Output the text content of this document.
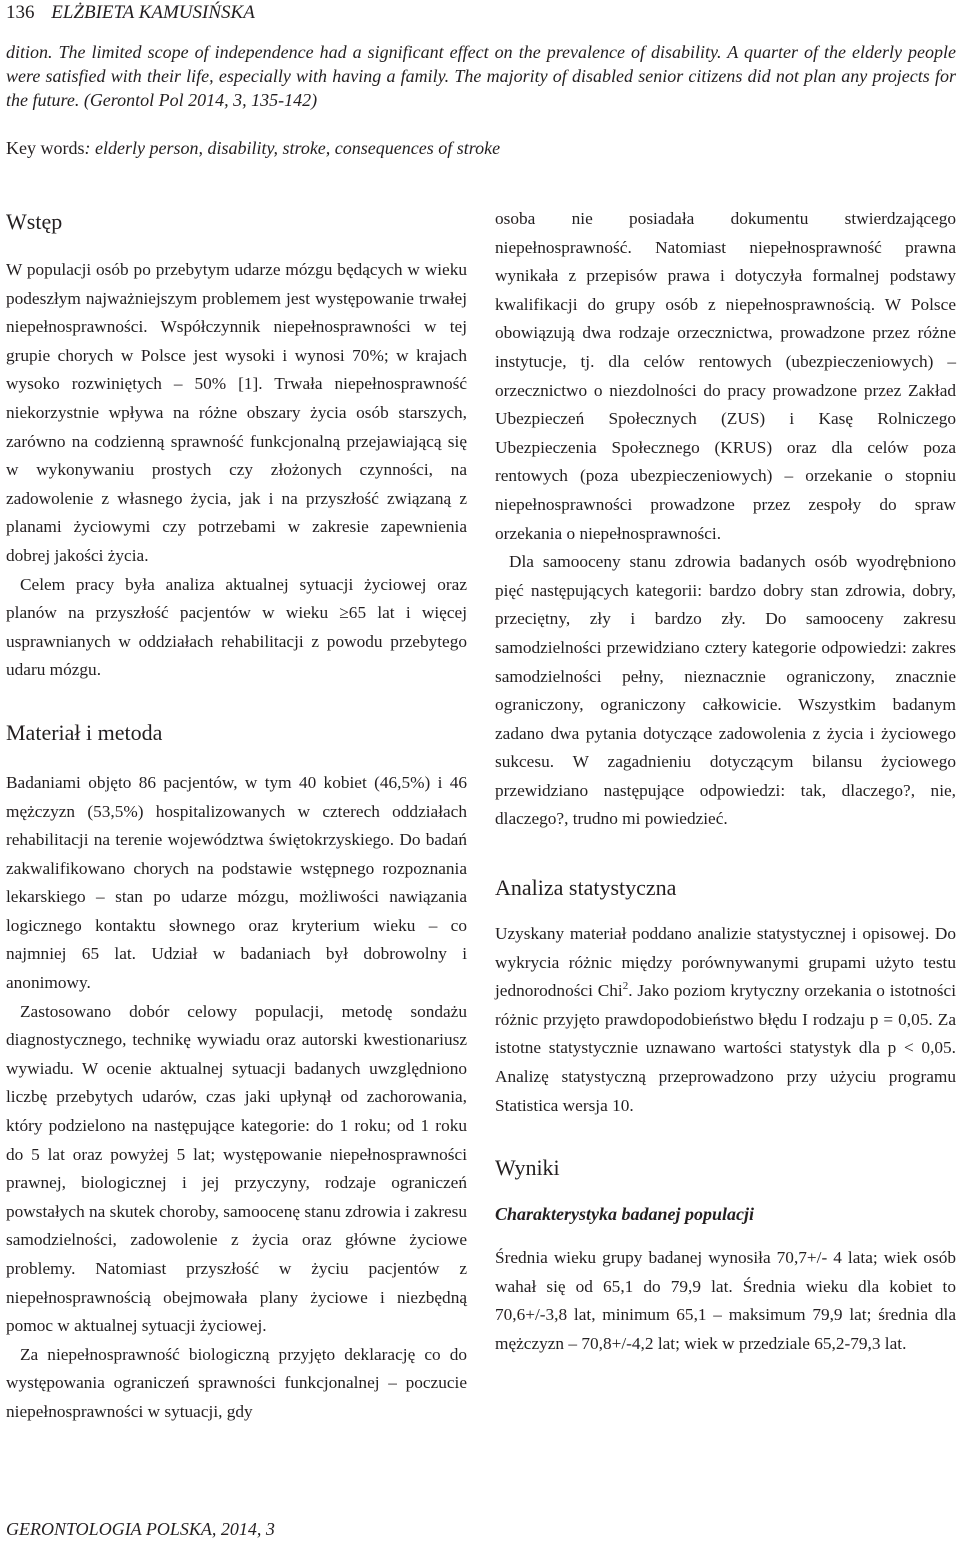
136 ELŻBIETA KAMUSIŃSKA
dition. The limited scope of independence had a significant effect on the prevalence of disability. A quarter of the elderly people were satisfied with their life, especially with having a family. The majority of disabled senior citizens did not plan any projects for the future. (Gerontol Pol 2014, 3, 135-142)
Key words: elderly person, disability, stroke, consequences of stroke
Wstęp

W populacji osób po przebytym udarze mózgu będących w wieku podeszłym najważniejszym problemem jest występowanie trwałej niepełnosprawności. Współczynnik niepełnosprawności w tej grupie chorych w Polsce jest wysoki i wynosi 70%; w krajach wysoko rozwiniętych – 50% [1]. Trwała niepełnosprawność niekorzystnie wpływa na różne obszary życia osób starszych, zarówno na codzienną sprawność funkcjonalną przejawiającą się w wykonywaniu prostych czy złożonych czynności, na zadowolenie z własnego życia, jak i na przyszłość związaną z planami życiowymi czy potrzebami w zakresie zapewnienia dobrej jakości życia.

Celem pracy była analiza aktualnej sytuacji życiowej oraz planów na przyszłość pacjentów w wieku ≥65 lat i więcej usprawnianych w oddziałach rehabilitacji z powodu przebytego udaru mózgu.

Materiał i metoda

Badaniami objęto 86 pacjentów, w tym 40 kobiet (46,5%) i 46 mężczyzn (53,5%) hospitalizowanych w czterech oddziałach rehabilitacji na terenie województwa świętokrzyskiego. Do badań zakwalifikowano chorych na podstawie wstępnego rozpoznania lekarskiego – stan po udarze mózgu, możliwości nawiązania logicznego kontaktu słownego oraz kryterium wieku – co najmniej 65 lat. Udział w badaniach był dobrowolny i anonimowy.

Zastosowano dobór celowy populacji, metodę sondażu diagnostycznego, technikę wywiadu oraz autorski kwestionariusz wywiadu. W ocenie aktualnej sytuacji badanych uwzględniono liczbę przebytych udarów, czas jaki upłynął od zachorowania, który podzielono na następujące kategorie: do 1 roku; od 1 roku do 5 lat oraz powyżej 5 lat; występowanie niepełnosprawności prawnej, biologicznej i jej przyczyny, rodzaje ograniczeń powstałych na skutek choroby, samoocenę stanu zdrowia i zakresu samodzielności, zadowolenie z życia oraz główne życiowe problemy. Natomiast przyszłość w życiu pacjentów z niepełnosprawnością obejmowała plany życiowe i niezbędną pomoc w aktualnej sytuacji życiowej.

Za niepełnosprawność biologiczną przyjęto deklarację co do występowania ograniczeń sprawności funkcjonalnej – poczucie niepełnosprawności w sytuacji, gdy

osoba nie posiadała dokumentu stwierdzającego niepełnosprawność. Natomiast niepełnosprawność prawna wynikała z przepisów prawa i dotyczyła formalnej podstawy kwalifikacji do grupy osób z niepełnosprawnością. W Polsce obowiązują dwa rodzaje orzecznictwa, prowadzone przez różne instytucje, tj. dla celów rentowych (ubezpieczeniowych) – orzecznictwo o niezdolności do pracy prowadzone przez Zakład Ubezpieczeń Społecznych (ZUS) i Kasę Rolniczego Ubezpieczenia Społecznego (KRUS) oraz dla celów poza rentowych (poza ubezpieczeniowych) – orzekanie o stopniu niepełnosprawności prowadzone przez zespoły do spraw orzekania o niepełnosprawności.

Dla samooceny stanu zdrowia badanych osób wyodrębniono pięć następujących kategorii: bardzo dobry stan zdrowia, dobry, przeciętny, zły i bardzo zły. Do samooceny zakresu samodzielności przewidziano cztery kategorie odpowiedzi: zakres samodzielności pełny, nieznacznie ograniczony, znacznie ograniczony, ograniczony całkowicie. Wszystkim badanym zadano dwa pytania dotyczące zadowolenia z życia i życiowego sukcesu. W zagadnieniu dotyczącym bilansu życiowego przewidziano następujące odpowiedzi: tak, dlaczego?, nie, dlaczego?, trudno mi powiedzieć.

Analiza statystyczna

Uzyskany materiał poddano analizie statystycznej i opisowej. Do wykrycia różnic między porównywanymi grupami użyto testu jednorodności Chi$^2$. Jako poziom krytyczny orzekania o istotności różnic przyjęto prawdopodobieństwo błędu I rodzaju p = 0,05. Za istotne statystycznie uznawano wartości statystyk dla p < 0,05. Analizę statystyczną przeprowadzono przy użyciu programu Statistica wersja 10.

Wyniki
Charakterystyka badanej populacji

Średnia wieku grupy badanej wynosiła 70,7+/- 4 lata; wiek osób wahał się od 65,1 do 79,9 lat. Średnia wieku dla kobiet to 70,6+/-3,8 lat, minimum 65,1 – maksimum 79,9 lat; średnia dla mężczyzn – 70,8+/-4,2 lat; wiek w przedziale 65,2-79,3 lat.

GERONTOLOGIA POLSKA, 2014, 3
